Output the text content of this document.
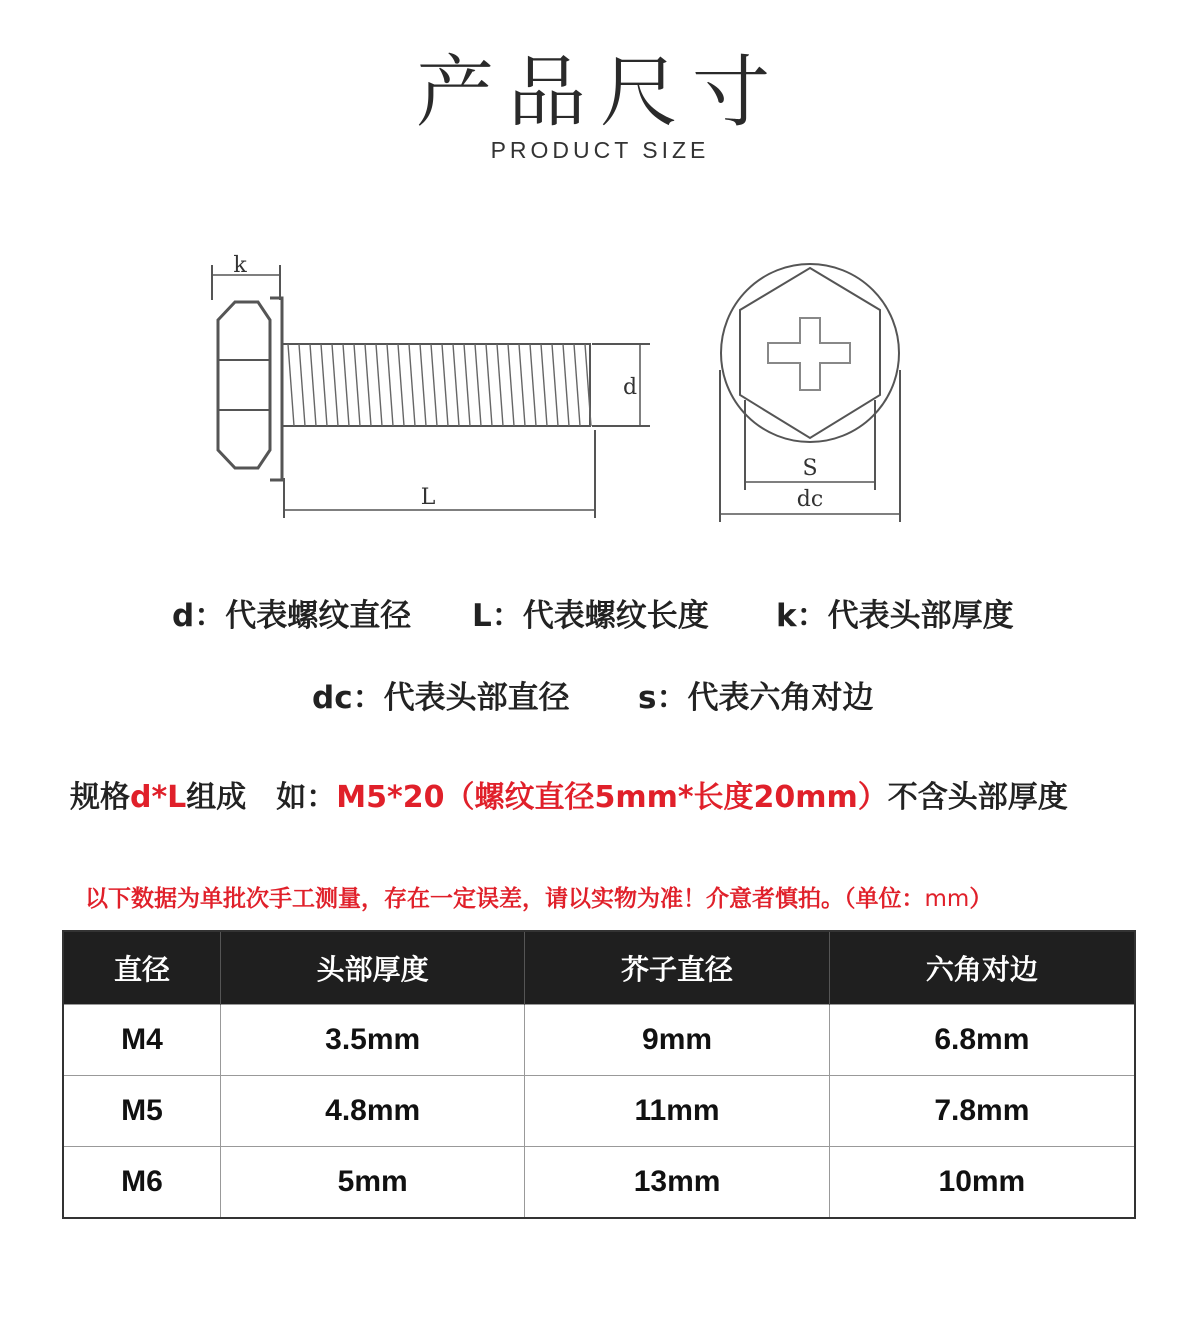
产品尺寸
PRODUCT SIZE
k
L
d
S
dc
d：代表螺纹直径 L：代表螺纹长度 k：代表头部厚度
dc：代表头部直径 s：代表六角对边
规格d*L组成　如：M5*20（螺纹直径5mm*长度20mm）不含头部厚度
以下数据为单批次手工测量，存在一定误差，请以实物为准！介意者慎拍。（单位：mm）
直径	头部厚度	芥子直径	六角对边
M4	3.5mm	9mm	6.8mm
M5	4.8mm	11mm	7.8mm
M6	5mm	13mm	10mm
